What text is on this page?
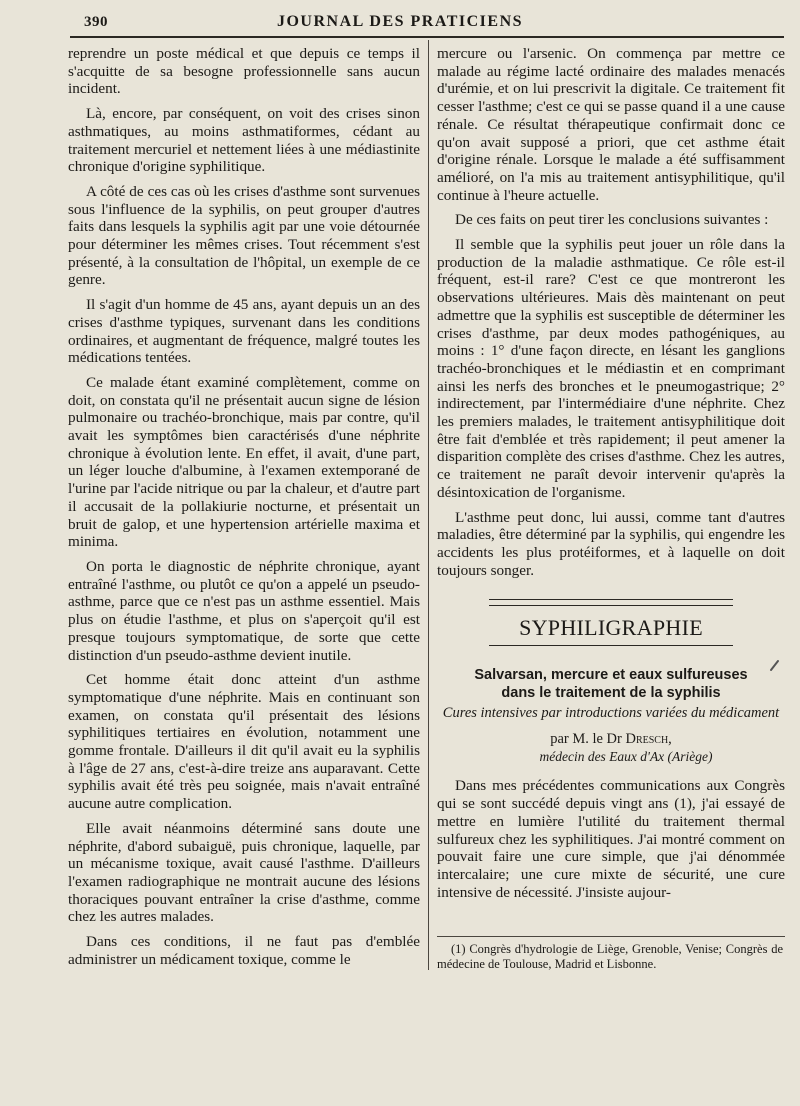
390	JOURNAL DES PRATICIENS

reprendre un poste médical et que depuis ce temps il s'acquitte de sa besogne professionnelle sans aucun incident.

Là, encore, par conséquent, on voit des crises sinon asthmatiques, au moins asthmatiformes, cédant au traitement mercuriel et nettement liées à une médiastinite chronique d'origine syphilitique.

A côté de ces cas où les crises d'asthme sont survenues sous l'influence de la syphilis, on peut grouper d'autres faits dans lesquels la syphilis agit par une voie détournée pour déterminer les mêmes crises. Tout récemment s'est présenté, à la consultation de l'hôpital, un exemple de ce genre.

Il s'agit d'un homme de 45 ans, ayant depuis un an des crises d'asthme typiques, survenant dans les conditions ordinaires, et augmentant de fréquence, malgré toutes les médications tentées.

Ce malade étant examiné complètement, comme on doit, on constata qu'il ne présentait aucun signe de lésion pulmonaire ou trachéo-bronchique, mais par contre, qu'il avait les symptômes bien caractérisés d'une néphrite chronique à évolution lente. En effet, il avait, d'une part, un léger louche d'albumine, à l'examen extemporané de l'urine par l'acide nitrique ou par la chaleur, et d'autre part il accusait de la pollakiurie nocturne, et présentait un bruit de galop, et une hypertension artérielle maxima et minima.

On porta le diagnostic de néphrite chronique, ayant entraîné l'asthme, ou plutôt ce qu'on a appelé un pseudo-asthme, parce que ce n'est pas un asthme essentiel. Mais plus on étudie l'asthme, et plus on s'aperçoit qu'il est presque toujours symptomatique, de sorte que cette distinction d'un pseudo-asthme devient inutile.

Cet homme était donc atteint d'un asthme symptomatique d'une néphrite. Mais en continuant son examen, on constata qu'il présentait des lésions syphilitiques tertiaires en évolution, notamment une gomme frontale. D'ailleurs il dit qu'il avait eu la syphilis à l'âge de 27 ans, c'est-à-dire treize ans auparavant. Cette syphilis avait été très peu soignée, mais n'avait entraîné aucune autre complication.

Elle avait néanmoins déterminé sans doute une néphrite, d'abord subaiguë, puis chronique, laquelle, par un mécanisme toxique, avait causé l'asthme. D'ailleurs l'examen radiographique ne montrait aucune des lésions thoraciques pouvant entraîner la crise d'asthme, comme chez les autres malades.

Dans ces conditions, il ne faut pas d'emblée administrer un médicament toxique, comme le

mercure ou l'arsenic. On commença par mettre ce malade au régime lacté ordinaire des malades menacés d'urémie, et on lui prescrivit la digitale. Ce traitement fit cesser l'asthme; c'est ce qui se passe quand il a une cause rénale. Ce résultat thérapeutique confirmait donc ce qu'on avait supposé a priori, que cet asthme était d'origine rénale. Lorsque le malade a été suffisamment amélioré, on l'a mis au traitement antisyphilitique, qu'il continue à l'heure actuelle.

De ces faits on peut tirer les conclusions suivantes :

Il semble que la syphilis peut jouer un rôle dans la production de la maladie asthmatique. Ce rôle est-il fréquent, est-il rare? C'est ce que montreront les observations ultérieures. Mais dès maintenant on peut admettre que la syphilis est susceptible de déterminer les crises d'asthme, par deux modes pathogéniques, au moins : 1° d'une façon directe, en lésant les ganglions trachéo-bronchiques et le médiastin et en comprimant ainsi les nerfs des bronches et le pneumogastrique; 2° indirectement, par l'intermédiaire d'une néphrite. Chez les premiers malades, le traitement antisyphilitique doit être fait d'emblée et très rapidement; il peut amener la disparition complète des crises d'asthme. Chez les autres, ce traitement ne paraît devoir intervenir qu'après la désintoxication de l'organisme.

L'asthme peut donc, lui aussi, comme tant d'autres maladies, être déterminé par la syphilis, qui engendre les accidents les plus protéiformes, et à laquelle on doit toujours songer.

SYPHILIGRAPHIE
Salvarsan, mercure et eaux sulfureuses
dans le traitement de la syphilis
Cures intensives par introductions variées du médicament
par M. le Dr Dresch,
médecin des Eaux d'Ax (Ariège)

Dans mes précédentes communications aux Congrès qui se sont succédé depuis vingt ans (1), j'ai essayé de mettre en lumière l'utilité du traitement thermal sulfureux chez les syphilitiques. J'ai montré comment on pouvait faire une cure simple, que j'ai dénommée intercalaire; une cure mixte de sécurité, une cure intensive de nécessité. J'insiste aujour-

(1) Congrès d'hydrologie de Liège, Grenoble, Venise; Congrès de médecine de Toulouse, Madrid et Lisbonne.
